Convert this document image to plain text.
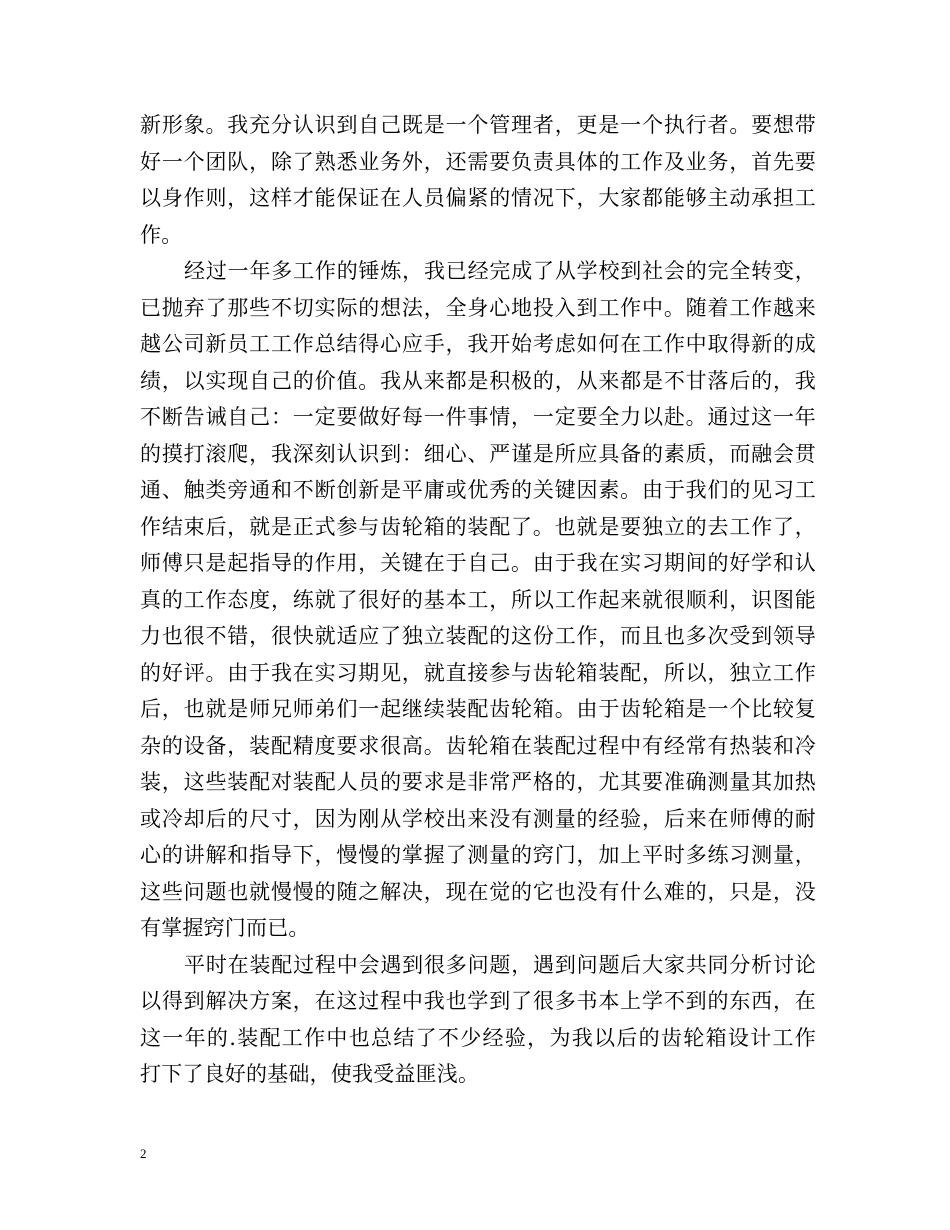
新形象。我充分认识到自己既是一个管理者，更是一个执行者。要想带
好一个团队，除了熟悉业务外，还需要负责具体的工作及业务，首先要
以身作则，这样才能保证在人员偏紧的情况下，大家都能够主动承担工
作。
经过一年多工作的锤炼，我已经完成了从学校到社会的完全转变，
已抛弃了那些不切实际的想法，全身心地投入到工作中。随着工作越来
越公司新员工工作总结得心应手，我开始考虑如何在工作中取得新的成
绩，以实现自己的价值。我从来都是积极的，从来都是不甘落后的，我
不断告诫自己：一定要做好每一件事情，一定要全力以赴。通过这一年
的摸打滚爬，我深刻认识到：细心、严谨是所应具备的素质，而融会贯
通、触类旁通和不断创新是平庸或优秀的关键因素。由于我们的见习工
作结束后，就是正式参与齿轮箱的装配了。也就是要独立的去工作了，
师傅只是起指导的作用，关键在于自己。由于我在实习期间的好学和认
真的工作态度，练就了很好的基本工，所以工作起来就很顺利，识图能
力也很不错，很快就适应了独立装配的这份工作，而且也多次受到领导
的好评。由于我在实习期见，就直接参与齿轮箱装配，所以，独立工作
后，也就是师兄师弟们一起继续装配齿轮箱。由于齿轮箱是一个比较复
杂的设备，装配精度要求很高。齿轮箱在装配过程中有经常有热装和冷
装，这些装配对装配人员的要求是非常严格的，尤其要准确测量其加热
或冷却后的尺寸，因为刚从学校出来没有测量的经验，后来在师傅的耐
心的讲解和指导下，慢慢的掌握了测量的窍门，加上平时多练习测量，
这些问题也就慢慢的随之解决，现在觉的它也没有什么难的，只是，没
有掌握窍门而已。
平时在装配过程中会遇到很多问题，遇到问题后大家共同分析讨论
以得到解决方案，在这过程中我也学到了很多书本上学不到的东西，在
这一年的.装配工作中也总结了不少经验，为我以后的齿轮箱设计工作
打下了良好的基础，使我受益匪浅。
2
